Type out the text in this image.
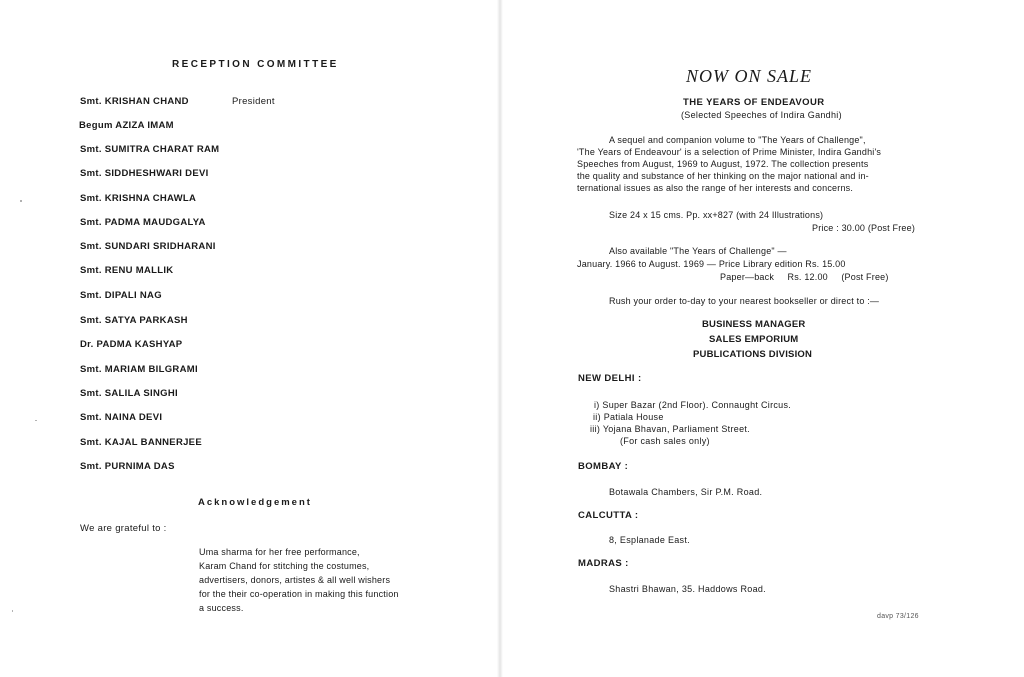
RECEPTION COMMITTEE
President
Smt. KRISHAN CHAND
Begum AZIZA IMAM
Smt. SUMITRA CHARAT RAM
Smt. SIDDHESHWARI DEVI
Smt. KRISHNA CHAWLA
Smt. PADMA MAUDGALYA
Smt. SUNDARI SRIDHARANI
Smt. RENU MALLIK
Smt. DIPALI NAG
Smt. SATYA PARKASH
Dr. PADMA KASHYAP
Smt. MARIAM BILGRAMI
Smt. SALILA SINGHI
Smt. NAINA DEVI
Smt. KAJAL BANNERJEE
Smt. PURNIMA DAS
Acknowledgement
We are grateful to :
Uma sharma for her free performance,
Karam Chand for stitching the costumes,
advertisers, donors, artistes & all well wishers
for the their co-operation in making this function
a success.
NOW ON SALE
THE YEARS OF ENDEAVOUR
(Selected Speeches of Indira Gandhi)
A sequel and companion volume to "The Years of Challenge",
'The Years of Endeavour' is a selection of Prime Minister, Indira Gandhi's
Speeches from August, 1969 to August, 1972. The collection presents
the quality and substance of her thinking on the major national and in-
ternational issues as also the range of her interests and concerns.
Size 24 x 15 cms. Pp. xx+827 (with 24 Illustrations)
Price : 30.00 (Post Free)
Also available "The Years of Challenge" —
January. 1966 to August. 1969 — Price Library edition Rs. 15.00
Paper—back     Rs. 12.00     (Post Free)
Rush your order to-day to your nearest bookseller or direct to :—
BUSINESS MANAGER
SALES EMPORIUM
PUBLICATIONS DIVISION
NEW DELHI :
i) Super Bazar (2nd Floor). Connaught Circus.
ii) Patiala House
iii) Yojana Bhavan, Parliament Street.
(For cash sales only)
BOMBAY :
Botawala Chambers, Sir P.M. Road.
CALCUTTA :
8, Esplanade East.
MADRAS :
Shastri Bhawan, 35. Haddows Road.
davp 73/126
